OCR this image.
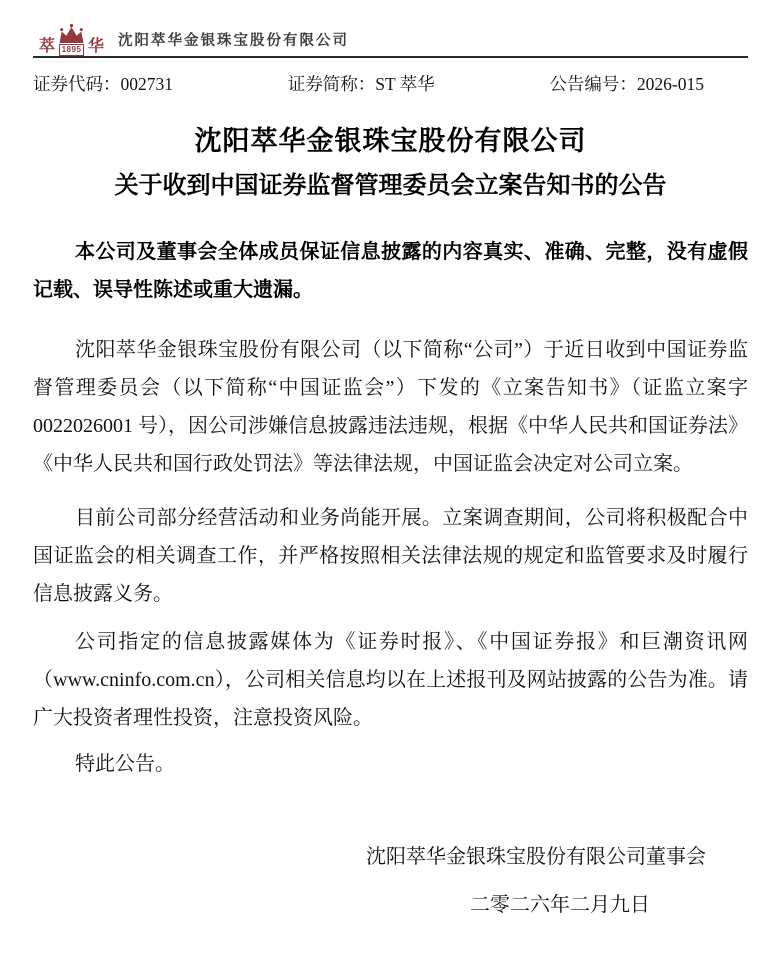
萃 1895 华 沈阳萃华金银珠宝股份有限公司
证券代码：002731	证券简称：ST 萃华	公告编号：2026-015
沈阳萃华金银珠宝股份有限公司
关于收到中国证券监督管理委员会立案告知书的公告
本公司及董事会全体成员保证信息披露的内容真实、准确、完整，没有虚假记载、误导性陈述或重大遗漏。
沈阳萃华金银珠宝股份有限公司（以下简称“公司”）于近日收到中国证券监督管理委员会（以下简称“中国证监会”）下发的《立案告知书》（证监立案字 0022026001 号），因公司涉嫌信息披露违法违规，根据《中华人民共和国证券法》《中华人民共和国行政处罚法》等法律法规，中国证监会决定对公司立案。
目前公司部分经营活动和业务尚能开展。立案调查期间，公司将积极配合中国证监会的相关调查工作，并严格按照相关法律法规的规定和监管要求及时履行信息披露义务。
公司指定的信息披露媒体为《证券时报》、《中国证券报》和巨潮资讯网（www.cninfo.com.cn），公司相关信息均以在上述报刊及网站披露的公告为准。请广大投资者理性投资，注意投资风险。
特此公告。
沈阳萃华金银珠宝股份有限公司董事会
二零二六年二月九日
